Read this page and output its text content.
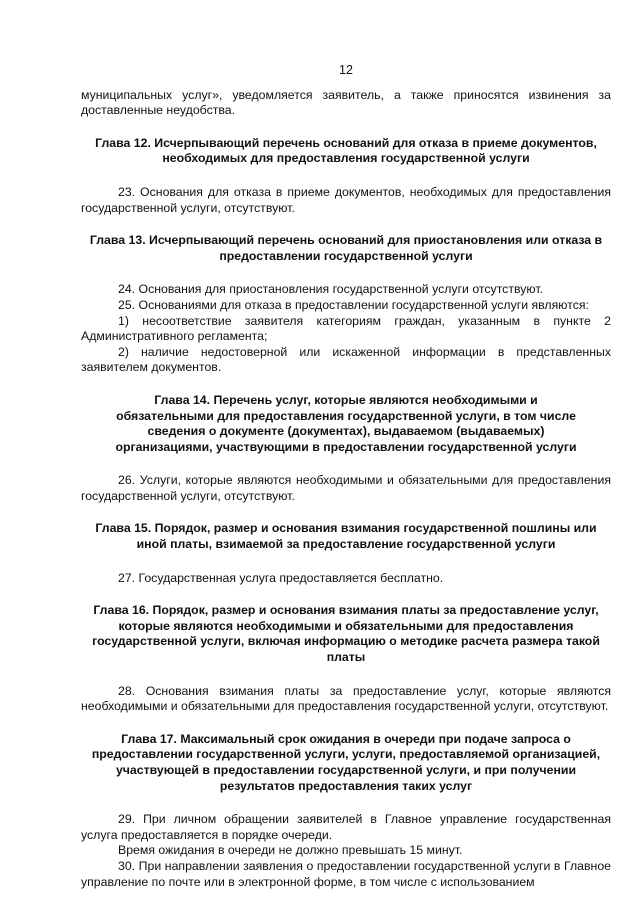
12

муниципальных услуг», уведомляется заявитель, а также приносятся извинения за доставленные неудобства.

Глава 12. Исчерпывающий перечень оснований для отказа в приеме документов, необходимых для предоставления государственной услуги

23. Основания для отказа в приеме документов, необходимых для предоставления государственной услуги, отсутствуют.

Глава 13. Исчерпывающий перечень оснований для приостановления или отказа в предоставлении государственной услуги

24. Основания для приостановления государственной услуги отсутствуют.

25. Основаниями для отказа в предоставлении государственной услуги являются:

1) несоответствие заявителя категориям граждан, указанным в пункте 2 Административного регламента;

2) наличие недостоверной или искаженной информации в представленных заявителем документов.

Глава 14. Перечень услуг, которые являются необходимыми и обязательными для предоставления государственной услуги, в том числе сведения о документе (документах), выдаваемом (выдаваемых) организациями, участвующими в предоставлении государственной услуги

26. Услуги, которые являются необходимыми и обязательными для предоставления государственной услуги, отсутствуют.

Глава 15. Порядок, размер и основания взимания государственной пошлины или иной платы, взимаемой за предоставление государственной услуги

27. Государственная услуга предоставляется бесплатно.

Глава 16. Порядок, размер и основания взимания платы за предоставление услуг, которые являются необходимыми и обязательными для предоставления государственной услуги, включая информацию о методике расчета размера такой платы

28. Основания взимания платы за предоставление услуг, которые являются необходимыми и обязательными для предоставления государственной услуги, отсутствуют.

Глава 17. Максимальный срок ожидания в очереди при подаче запроса о предоставлении государственной услуги, услуги, предоставляемой организацией, участвующей в предоставлении государственной услуги, и при получении результатов предоставления таких услуг

29. При личном обращении заявителей в Главное управление государственная услуга предоставляется в порядке очереди.

Время ожидания в очереди не должно превышать 15 минут.

30. При направлении заявления о предоставлении государственной услуги в Главное управление по почте или в электронной форме, в том числе с использованием
